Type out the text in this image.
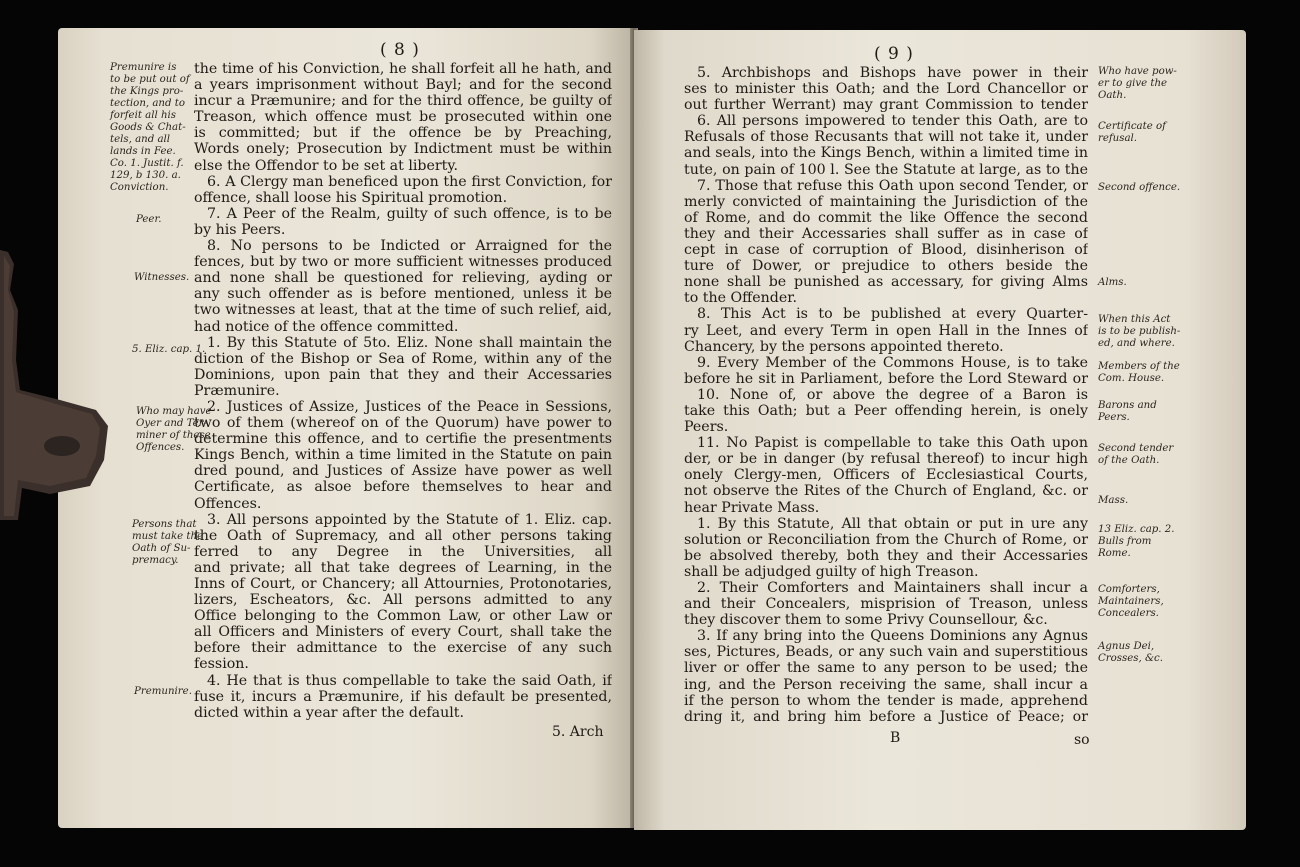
( 8 )
the time of his Conviction, he shall forfeit all he hath, and
a years imprisonment without Bayl; and for the second
incur a Præmunire; and for the third offence, be guilty of
Treason, which offence must be prosecuted within one
is committed; but if the offence be by Preaching,
Words onely; Prosecution by Indictment must be within
else the Offendor to be set at liberty.
6. A Clergy man beneficed upon the first Conviction, for
offence, shall loose his Spiritual promotion.
7. A Peer of the Realm, guilty of such offence, is to be
by his Peers.
8. No persons to be Indicted or Arraigned for the
fences, but by two or more sufficient witnesses produced
and none shall be questioned for relieving, ayding or
any such offender as is before mentioned, unless it be
two witnesses at least, that at the time of such relief, aid,
had notice of the offence committed.
1. By this Statute of 5to. Eliz. None shall maintain the
diction of the Bishop or Sea of Rome, within any of the
Dominions, upon pain that they and their Accessaries
Præmunire.
2. Justices of Assize, Justices of the Peace in Sessions,
two of them (whereof on of the Quorum) have power to
determine this offence, and to certifie the presentments
Kings Bench, within a time limited in the Statute on pain
dred pound, and Justices of Assize have power as well
Certificate, as alsoe before themselves to hear and
Offences.
3. All persons appointed by the Statute of 1. Eliz. cap.
the Oath of Supremacy, and all other persons taking
ferred to any Degree in the Universities, all
and private; all that take degrees of Learning, in the
Inns of Court, or Chancery; all Attournies, Protonotaries,
lizers, Escheators, &c. All persons admitted to any
Office belonging to the Common Law, or other Law or
all Officers and Ministers of every Court, shall take the
before their admittance to the exercise of any such
fession.
4. He that is thus compellable to take the said Oath, if
fuse it, incurs a Præmunire, if his default be presented,
dicted within a year after the default.
5. Arch
Premunire is
to be put out of
the Kings pro-
tection, and to
forfeit all his
Goods & Chat-
tels, and all
lands in Fee.
Co. 1. Justit. f.
129, b 130. a.
Conviction.
Peer.
Witnesses.
5. Eliz. cap. 1.
Who may have
Oyer and Ter-
miner of these
Offences.
Persons that
must take the
Oath of Su-
premacy.
Premunire.
( 9 )
5. Archbishops and Bishops have power in their
ses to minister this Oath; and the Lord Chancellor or
out further Werrant) may grant Commission to tender
6. All persons impowered to tender this Oath, are to
Refusals of those Recusants that will not take it, under
and seals, into the Kings Bench, within a limited time in
tute, on pain of 100 l. See the Statute at large, as to the
7. Those that refuse this Oath upon second Tender, or
merly convicted of maintaining the Jurisdiction of the
of Rome, and do commit the like Offence the second
they and their Accessaries shall suffer as in case of
cept in case of corruption of Blood, disinherison of
ture of Dower, or prejudice to others beside the
none shall be punished as accessary, for giving Alms
to the Offender.
8. This Act is to be published at every Quarter-
ry Leet, and every Term in open Hall in the Innes of
Chancery, by the persons appointed thereto.
9. Every Member of the Commons House, is to take
before he sit in Parliament, before the Lord Steward or
10. None of, or above the degree of a Baron is
take this Oath; but a Peer offending herein, is onely
Peers.
11. No Papist is compellable to take this Oath upon
der, or be in danger (by refusal thereof) to incur high
onely Clergy-men, Officers of Ecclesiastical Courts,
not observe the Rites of the Church of England, &c. or
hear Private Mass.
1. By this Statute, All that obtain or put in ure any
solution or Reconciliation from the Church of Rome, or
be absolved thereby, both they and their Accessaries
shall be adjudged guilty of high Treason.
2. Their Comforters and Maintainers shall incur a
and their Concealers, misprision of Treason, unless
they discover them to some Privy Counsellour, &c.
3. If any bring into the Queens Dominions any Agnus
ses, Pictures, Beads, or any such vain and superstitious
liver or offer the same to any person to be used; the
ing, and the Person receiving the same, shall incur a
if the person to whom the tender is made, apprehend
dring it, and bring him before a Justice of Peace; or
B	so
Who have pow-
er to give the
Oath.
Certificate of
refusal.
Second offence.
Alms.
When this Act
is to be publish-
ed, and where.
Members of the
Com. House.
Barons and
Peers.
Second tender
of the Oath.
Mass.
13 Eliz. cap. 2.
Bulls from
Rome.
Comforters,
Maintainers,
Concealers.
Agnus Dei,
Crosses, &c.
